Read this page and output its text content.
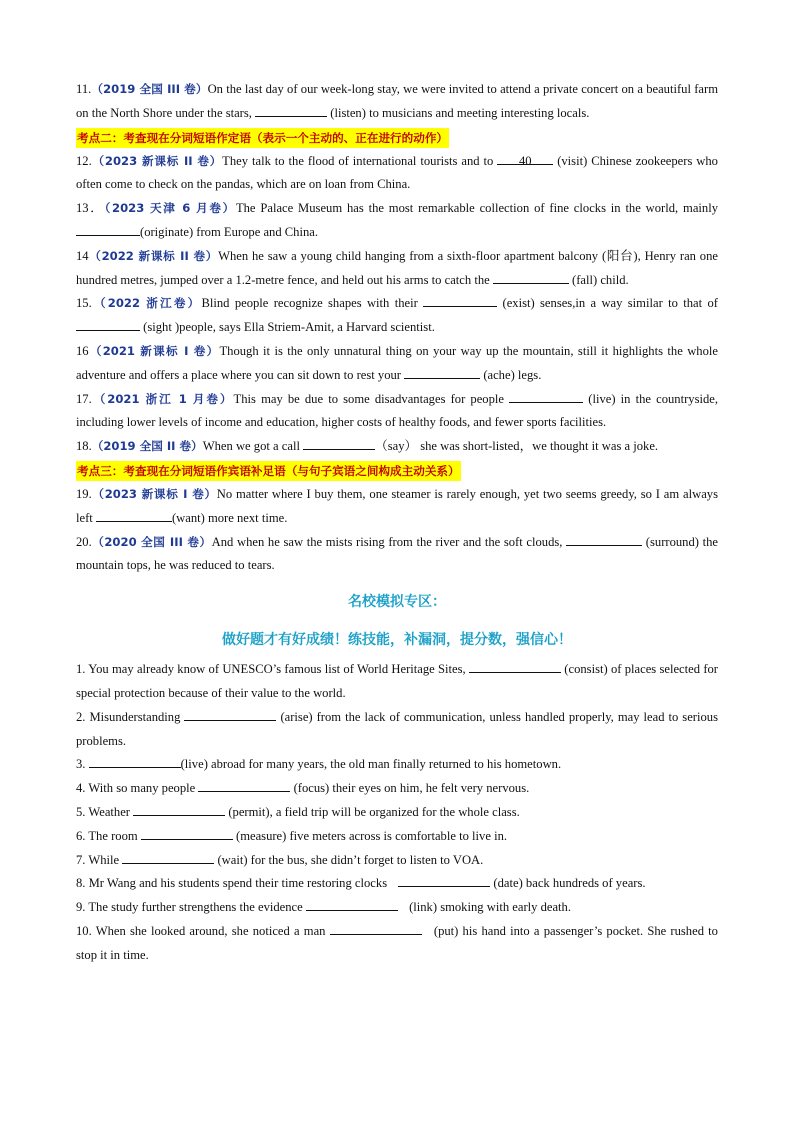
11.（2019 全国 III 卷）On the last day of our week-long stay, we were invited to attend a private concert on a beautiful farm on the North Shore under the stars,	(listen) to musicians and meeting interesting locals.

考点二：考查现在分词短语作定语（表示一个主动的、正在进行的动作）

12.（2023 新课标 II 卷）They talk to the flood of international tourists and to 40 (visit) Chinese zookeepers who often come to check on the pandas, which are on loan from China.

13．（2023 天津 6 月卷）The Palace Museum has the most remarkable collection of fine clocks in the world, mainly (originate) from Europe and China.

14（2022 新课标 II 卷）When he saw a young child hanging from a sixth-floor apartment balcony (阳台), Henry ran one hundred metres, jumped over a 1.2-metre fence, and held out his arms to catch the	(fall) child.

15.（2022 浙江卷）Blind people recognize shapes with their	(exist) senses,in a way similar to that of  (sight )people, says Ella Striem-Amit, a Harvard scientist.

16（2021 新课标 I 卷）Though it is the only unnatural thing on your way up the mountain, still it highlights the whole adventure and offers a place where you can sit down to rest your	(ache) legs.

17.（2021 浙江 1 月卷）This may be due to some disadvantages for people	(live) in the countryside, including lower levels of income and education, higher costs of healthy foods, and fewer sports facilities.

18.（2019 全国 II 卷）When we got a call	（say） she was short-listed，we thought it was a joke.

考点三：考查现在分词短语作宾语补足语（与句子宾语之间构成主动关系）

19.（2023 新课标 I 卷）No matter where I buy them, one steamer is rarely enough, yet two seems greedy, so I am always left	(want) more next time.

20.（2020 全国 III 卷）And when he saw the mists rising from the river and the soft clouds,	(surround) the mountain tops, he was reduced to tears.

名校模拟专区：
做好题才有好成绩！练技能，补漏洞，提分数，强信心！

1. You may already know of UNESCO’s famous list of World Heritage Sites,	(consist) of places selected for special protection because of their value to the world.

2. Misunderstanding	(arise) from the lack of communication, unless handled properly, may lead to serious problems.

3.	(live) abroad for many years, the old man finally returned to his hometown.

4. With so many people	(focus) their eyes on him, he felt very nervous.

5. Weather	(permit), a field trip will be organized for the whole class.

6. The room	(measure) five meters across is comfortable to live in.

7. While	(wait) for the bus, she didn’t forget to listen to VOA.

8. Mr Wang and his students spend their time restoring clocks	(date) back hundreds of years.

9. The study further strengthens the evidence	(link) smoking with early death.

10. When she looked around, she noticed a man	(put) his hand into a passenger’s pocket. She rushed to stop it in time.
